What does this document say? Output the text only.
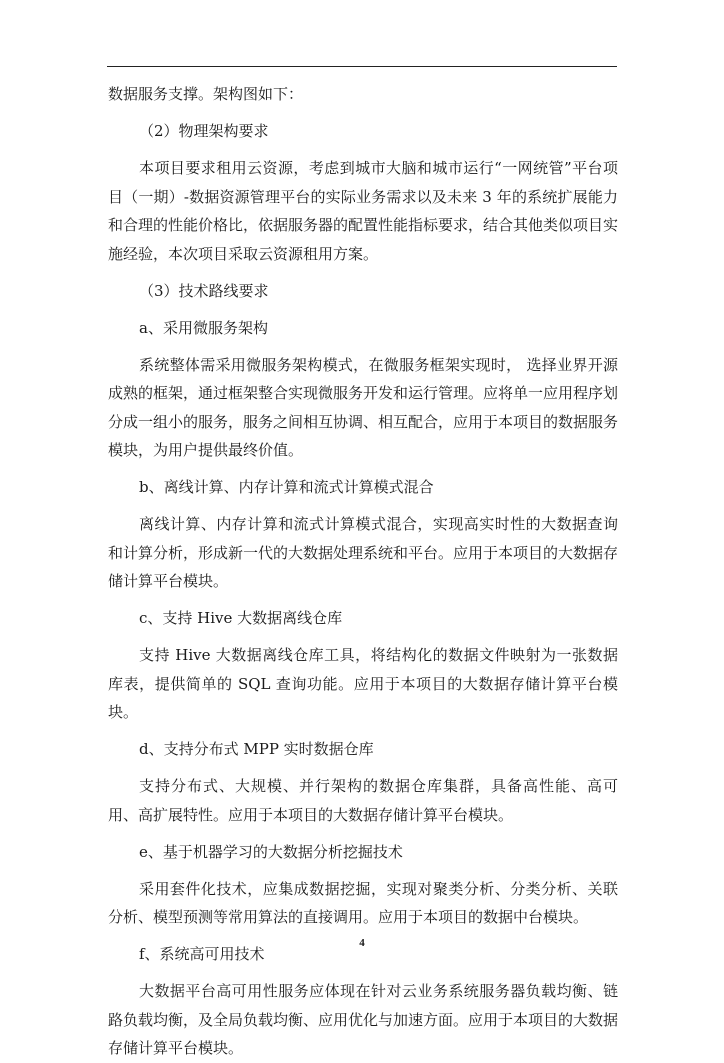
数据服务支撑。架构图如下：

（2）物理架构要求

本项目要求租用云资源，考虑到城市大脑和城市运行“一网统管”平台项目（一期）-数据资源管理平台的实际业务需求以及未来 3 年的系统扩展能力和合理的性能价格比，依据服务器的配置性能指标要求，结合其他类似项目实施经验，本次项目采取云资源租用方案。

（3）技术路线要求

a、采用微服务架构

系统整体需采用微服务架构模式，在微服务框架实现时， 选择业界开源成熟的框架，通过框架整合实现微服务开发和运行管理。应将单一应用程序划分成一组小的服务，服务之间相互协调、相互配合，应用于本项目的数据服务模块，为用户提供最终价值。

b、离线计算、内存计算和流式计算模式混合

离线计算、内存计算和流式计算模式混合，实现高实时性的大数据查询和计算分析，形成新一代的大数据处理系统和平台。应用于本项目的大数据存储计算平台模块。

c、支持 Hive 大数据离线仓库

支持 Hive 大数据离线仓库工具，将结构化的数据文件映射为一张数据库表，提供简单的 SQL 查询功能。应用于本项目的大数据存储计算平台模块。

d、支持分布式 MPP 实时数据仓库

支持分布式、大规模、并行架构的数据仓库集群，具备高性能、高可用、高扩展特性。应用于本项目的大数据存储计算平台模块。

e、基于机器学习的大数据分析挖掘技术

采用套件化技术，应集成数据挖掘，实现对聚类分析、分类分析、关联分析、模型预测等常用算法的直接调用。应用于本项目的数据中台模块。

f、系统高可用技术

大数据平台高可用性服务应体现在针对云业务系统服务器负载均衡、链路负载均衡，及全局负载均衡、应用优化与加速方面。应用于本项目的大数据存储计算平台模块。

4
